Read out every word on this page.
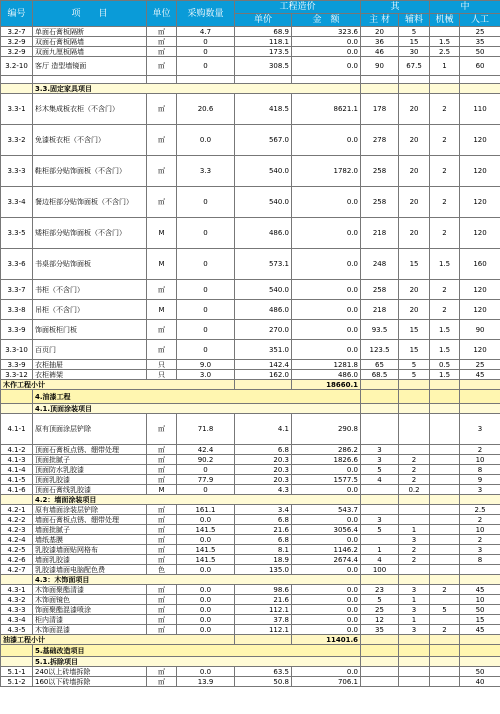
编号	项　　目	单位	采购数量	工程造价		其		中	
				单价	金　额	主 材	辅料	机械	人工
3.2-7	单面石膏板隔断	㎡	4.7	68.9	323.6	20	5		25
3.2-9	双面石膏板隔墙	㎡	0	118.1	0.0	36	15	1.5	35
3.2-9	双面九厘板隔墙	㎡	0	173.5	0.0	46	30	2.5	50
3.2-10	客厅 造型墙镜面	㎡	0	308.5	0.0	90	67.5	1	60

	3.3.固定家具项目								
3.3-1	杉木集成板衣柜（不含门）	㎡	20.6	418.5	8621.1	178	20	2	110
3.3-2	免漆板衣柜（不含门）	㎡	0.0	567.0	0.0	278	20	2	120
3.3-3	鞋柜部分贴饰面板（不含门）	㎡	3.3	540.0	1782.0	258	20	2	120
3.3-4	餐边柜部分贴饰面板（不含门）	㎡	0	540.0	0.0	258	20	2	120
3.3-5	矮柜部分贴饰面板（不含门）	M	0	486.0	0.0	218	20	2	120
3.3-6	书桌部分贴饰面板	M	0	573.1	0.0	248	15	1.5	160
3.3-7	书柜（不含门）	㎡	0	540.0	0.0	258	20	2	120
3.3-8	吊柜（不含门）	M	0	486.0	0.0	218	20	2	120
3.3-9	饰面板柜门板	㎡	0	270.0	0.0	93.5	15	1.5	90
3.3-10	百页门	㎡	0	351.0	0.0	123.5	15	1.5	120
3.3-9	衣柜抽屉	只	9.0	142.4	1281.8	65	5	0.5	25
3.3-12	衣柜裤架	只	3.0	162.0	486.0	68.5	5	1.5	45
木作工程小计					18660.1				
	4.油漆工程								
	4.1.顶面涂装项目								
4.1-1	原有顶面涂层铲除	㎡	71.8	4.1	290.8				3
4.1-2	顶面石膏板点锈、绷带处理	㎡	42.4	6.8	286.2	3			2
4.1-3	顶面批腻子	㎡	90.2	20.3	1826.6	3	2		10
4.1-4	顶面防水乳胶漆	㎡	0	20.3	0.0	5	2		8
4.1-5	顶面乳胶漆	㎡	77.9	20.3	1577.5	4	2		9
4.1-6	顶面石膏线乳胶漆	M	0	4.3	0.0		0.2		3
	4.2：墙面涂装项目								
4.2-1	原有墙面涂装层铲除	㎡	161.1	3.4	543.7				2.5
4.2-2	墙面石膏板点锈、绷带处理	㎡	0.0	6.8	0.0	3			2
4.2-3	墙面批腻子	㎡	141.5	21.6	3056.4	5	1		10
4.2-4	墙纸基膜	㎡	0.0	6.8	0.0		3		2
4.2-5	乳胶漆墙面贴网格布	㎡	141.5	8.1	1146.2	1	2		3
4.2-6	墙面乳胶漆	㎡	141.5	18.9	2674.4	4	2		8
4.2-7	乳胶漆墙面电脑配色费	色	0.0	135.0	0.0	100			
	4.3：木饰面项目								
4.3-1	木饰面聚酯清漆	㎡	0.0	98.6	0.0	23	3	2	45
4.3-2	木饰面镜色	㎡	0.0	21.6	0.0	5	1		10
4.3-3	饰面聚酯混漆喷涂	㎡	0.0	112.1	0.0	25	3	5	50
4.3-4	柜内清漆	㎡	0.0	37.8	0.0	12	1		15
4.3-5	木饰面混漆	㎡	0.0	112.1	0.0	35	3	2	45
油漆工程小计					11401.6				
	5.基础改造项目								
	5.1.拆除项目								
5.1-1	240以上砖墙拆除	㎡	0.0	63.5	0.0				50
5.1-2	160以下砖墙拆除	㎡	13.9	50.8	706.1				40
